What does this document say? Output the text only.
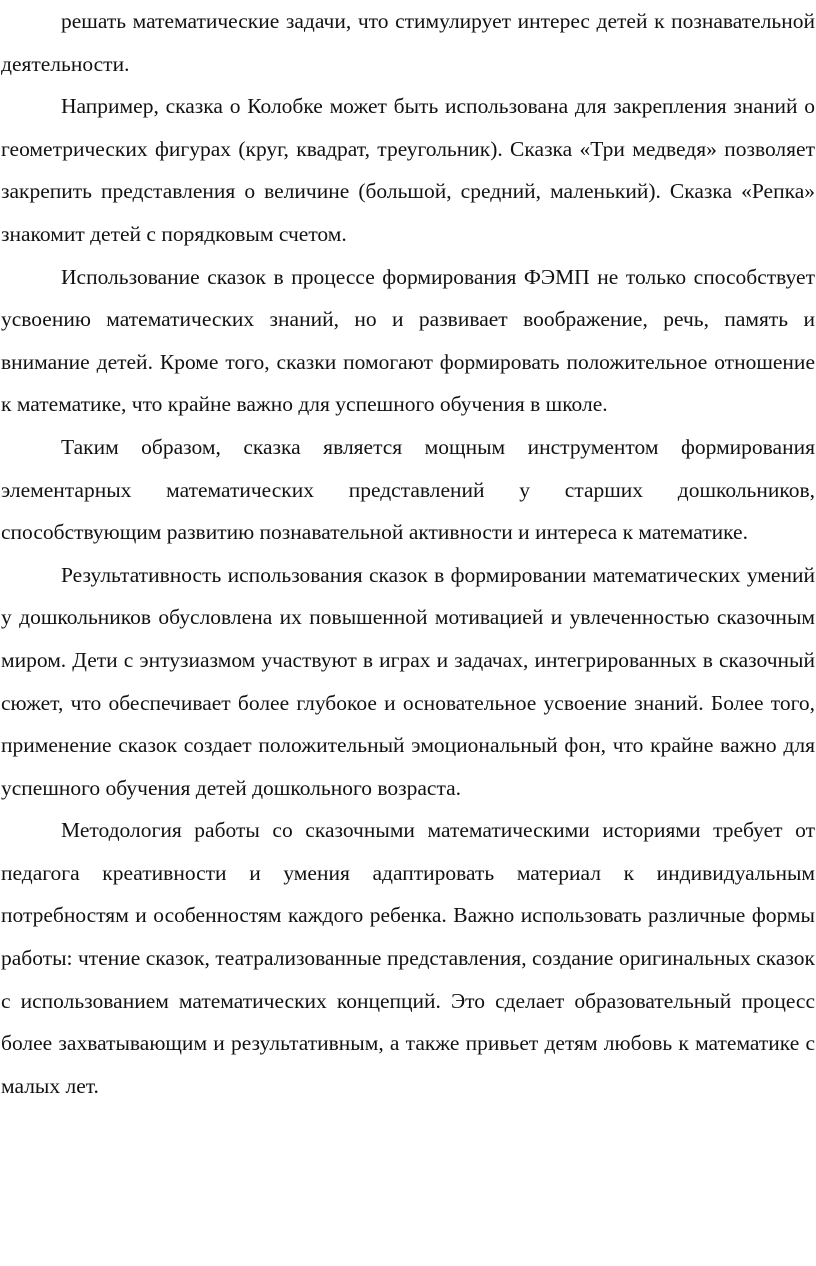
решать математические задачи, что стимулирует интерес детей к познавательной деятельности.

Например, сказка о Колобке может быть использована для закрепления знаний о геометрических фигурах (круг, квадрат, треугольник). Сказка «Три медведя» позволяет закрепить представления о величине (большой, средний, маленький). Сказка «Репка» знакомит детей с порядковым счетом.

Использование сказок в процессе формирования ФЭМП не только способствует усвоению математических знаний, но и развивает воображение, речь, память и внимание детей. Кроме того, сказки помогают формировать положительное отношение к математике, что крайне важно для успешного обучения в школе.

Таким образом, сказка является мощным инструментом формирования элементарных математических представлений у старших дошкольников, способствующим развитию познавательной активности и интереса к математике.

Результативность использования сказок в формировании математических умений у дошкольников обусловлена их повышенной мотивацией и увлеченностью сказочным миром. Дети с энтузиазмом участвуют в играх и задачах, интегрированных в сказочный сюжет, что обеспечивает более глубокое и основательное усвоение знаний. Более того, применение сказок создает положительный эмоциональный фон, что крайне важно для успешного обучения детей дошкольного возраста.

Методология работы со сказочными математическими историями требует от педагога креативности и умения адаптировать материал к индивидуальным потребностям и особенностям каждого ребенка. Важно использовать различные формы работы: чтение сказок, театрализованные представления, создание оригинальных сказок с использованием математических концепций. Это сделает образовательный процесс более захватывающим и результативным, а также привьет детям любовь к математике с малых лет.
